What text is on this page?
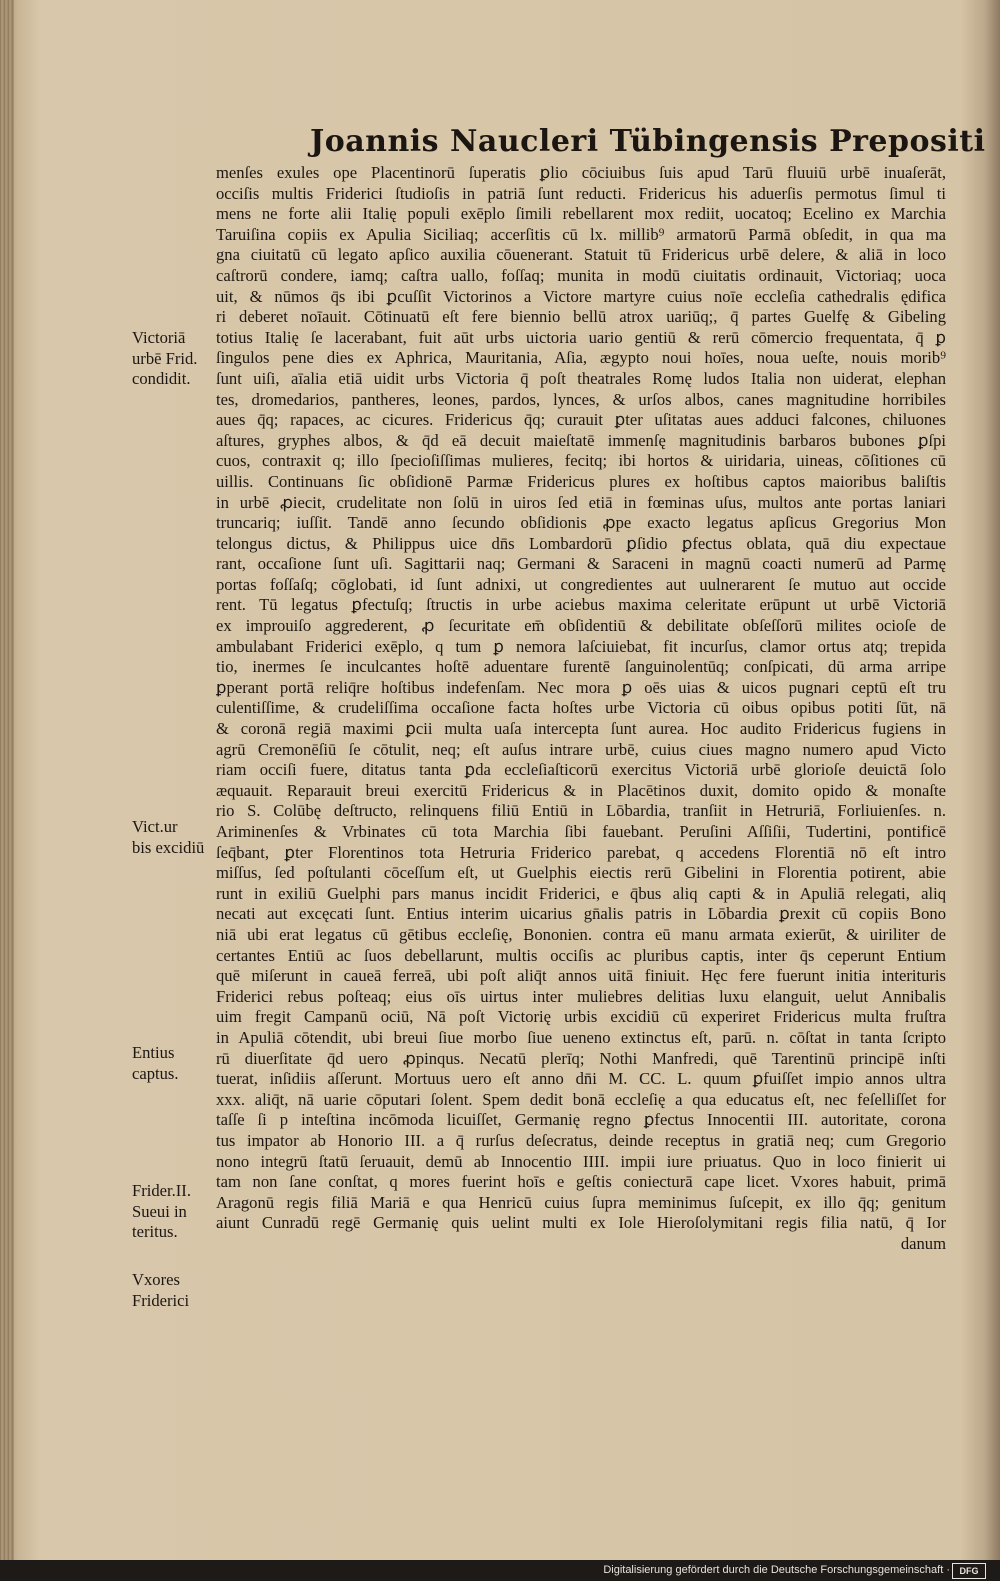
Joannis Naucleri Tübingensis Prepositi
menſes exules ope Placentinorū ſuperatis ꝑlio cōciuibus ſuis apud Tarū fluuiū urbē inuaſerāt,
occiſis multis Friderici ſtudioſis in patriā ſunt reducti. Fridericus his aduerſis permotus ſimul ti
mens ne forte alii Italię populi exēplo ſimili rebellarent mox rediit, uocatoq; Ecelino ex Marchia
Taruiſina copiis ex Apulia Siciliaq; accerſitis cū lx. millib⁹ armatorū Parmā obſedit, in qua ma
gna ciuitatū cū legato apſico auxilia cōuenerant. Statuit tū Fridericus urbē delere, & aliā in loco
caſtrorū condere, iamq; caſtra uallo, foſſaq; munita in modū ciuitatis ordinauit, Victoriaq; uoca
uit, & nūmos q̄s ibi ꝑcuſſit Victorinos a Victore martyre cuius noīe eccleſia cathedralis ędifica
ri deberet noīauit. Cōtinuatū eſt fere biennio bellū atrox uariūq;, q̄ partes Guelfę & Gibeling
totius Italię ſe lacerabant, fuit aūt urbs uictoria uario gentiū & rerū cōmercio frequentata, q̄ ꝑ
ſingulos pene dies ex Aphrica, Mauritania, Aſia, ægypto noui hoīes, noua ueſte, nouis morib⁹
ſunt uiſi, aīalia etiā uidit urbs Victoria q̄ poſt theatrales Romę ludos Italia non uiderat, elephan
tes, dromedarios, pantheres, leones, pardos, lynces, & urſos albos, canes magnitudine horribiles
aues q̄q; rapaces, ac cicures. Fridericus q̄q; curauit ꝑter uſitatas aues adduci falcones, chiluones
aſtures, gryphes albos, & q̄d eā decuit maieſtatē immenſę magnitudinis barbaros bubones ꝑſpi
cuos, contraxit q; illo ſpecioſiſſimas mulieres, fecitq; ibi hortos & uiridaria, uineas, cōſitiones cū
uillis. Continuans ſic obſidionē Parmæ Fridericus plures ex hoſtibus captos maioribus baliſtis
in urbē ꝓiecit, crudelitate non ſolū in uiros ſed etiā in fœminas uſus, multos ante portas laniari
truncariq; iuſſit. Tandē anno ſecundo obſidionis ꝓpe exacto legatus apſicus Gregorius Mon
telongus dictus, & Philippus uice dn̄s Lombardorū ꝑſidio ꝑfectus oblata, quā diu expectaue
rant, occaſione ſunt uſi. Sagittarii naq; Germani & Saraceni in magnū coacti numerū ad Parmę
portas foſſaſq; cōglobati, id ſunt adnixi, ut congredientes aut uulnerarent ſe mutuo aut occide
rent. Tū legatus ꝑfectuſq; ſtructis in urbe aciebus maxima celeritate erūpunt ut urbē Victoriā
ex improuiſo aggrederent, ꝓ ſecuritate em̄ obſidentiū & debilitate obſeſſorū milites ocioſe de
ambulabant Friderici exēplo, q tum ꝑ nemora laſciuiebat, fit incurſus, clamor ortus atq; trepida
tio, inermes ſe inculcantes hoſtē aduentare furentē ſanguinolentūq; conſpicati, dū arma arripe
ꝑperant portā reliq̄re hoſtibus indefenſam. Nec mora ꝑ oēs uias & uicos pugnari ceptū eſt tru
culentiſſime, & crudeliſſima occaſione facta hoſtes urbe Victoria cū oibus opibus potiti ſūt, nā
& coronā regiā maximi ꝑcii multa uaſa intercepta ſunt aurea. Hoc audito Fridericus fugiens in
agrū Cremonēſiū ſe cōtulit, neq; eſt auſus intrare urbē, cuius ciues magno numero apud Victo
riam occiſi fuere, ditatus tanta ꝑda eccleſiaſticorū exercitus Victoriā urbē glorioſe deuictā ſolo
æquauit. Reparauit breui exercitū Fridericus & in Placētinos duxit, domito opido & monaſte
rio S. Colūbę deſtructo, relinquens filiū Entiū in Lōbardia, tranſiit in Hetruriā, Forliuienſes. n.
Ariminenſes & Vrbinates cū tota Marchia ſibi fauebant. Peruſini Aſſiſii, Tudertini, pontificē
ſeq̄bant, ꝑter Florentinos tota Hetruria Friderico parebat, q accedens Florentiā nō eſt intro
miſſus, ſed poſtulanti cōceſſum eſt, ut Guelphis eiectis rerū Gibelini in Florentia potirent, abie
runt in exiliū Guelphi pars manus incidit Friderici, e q̄bus aliq capti & in Apuliā relegati, aliq
necati aut excęcati ſunt. Entius interim uicarius gn̄alis patris in Lōbardia ꝑrexit cū copiis Bono
niā ubi erat legatus cū gētibus eccleſię, Bononien. contra eū manu armata exierūt, & uiriliter de
certantes Entiū ac ſuos debellarunt, multis occiſis ac pluribus captis, inter q̄s ceperunt Entium
quē miſerunt in caueā ferreā, ubi poſt aliq̄t annos uitā finiuit. Hęc fere fuerunt initia interituris
Friderici rebus poſteaq; eius oīs uirtus inter muliebres delitias luxu elanguit, uelut Annibalis
uim fregit Campanū ociū, Nā poſt Victorię urbis excidiū cū experiret Fridericus multa fruſtra
in Apuliā cōtendit, ubi breui ſiue morbo ſiue ueneno extinctus eſt, parū. n. cōſtat in tanta ſcripto
rū diuerſitate q̄d uero ꝓpinqus. Necatū plerīq; Nothi Manfredi, quē Tarentinū principē inſti
tuerat, inſidiis aſſerunt. Mortuus uero eſt anno dn̄i M. CC. L. quum ꝑfuiſſet impio annos ultra
xxx. aliq̄t, nā uarie cōputari ſolent. Spem dedit bonā eccleſię a qua educatus eſt, nec feſelliſſet for
taſſe ſi p inteſtina incōmoda licuiſſet, Germanię regno ꝑfectus Innocentii III. autoritate, corona
tus impator ab Honorio III. a q̄ rurſus deſecratus, deinde receptus in gratiā neq; cum Gregorio
nono integrū ſtatū ſeruauit, demū ab Innocentio IIII. impii iure priuatus. Quo in loco finierit ui
tam non ſane conſtat, q mores fuerint hoīs e geſtis coniecturā cape licet. Vxores habuit, primā
Aragonū regis filiā Mariā e qua Henricū cuius ſupra meminimus ſuſcepit, ex illo q̄q; genitum
aiunt Cunradū regē Germanię quis uelint multi ex Iole Hieroſolymitani regis filia natū, q̄ Ior
danum
Victoriā
urbē Frid.
condidit.
Vict.ur
bis excidiū
Entius
captus.
Frider.II.
Sueui in
teritus.
Vxores
Friderici
Digitalisierung gefördert durch die Deutsche Forschungsgemeinschaft ·	DFG
